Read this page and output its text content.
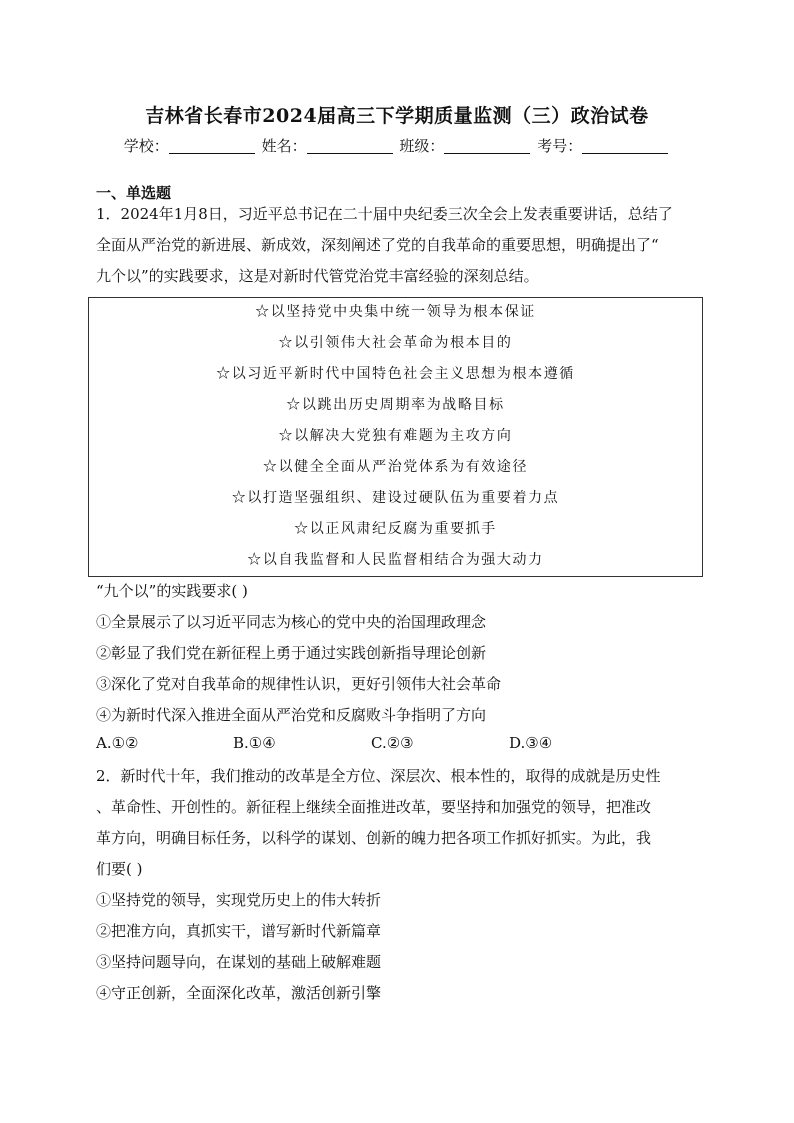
吉林省长春市2024届高三下学期质量监测（三）政治试卷
学校：	姓名：	班级：	考号：
一、单选题
1．2024年1月8日，习近平总书记在二十届中央纪委三次全会上发表重要讲话，总结了
全面从严治党的新进展、新成效，深刻阐述了党的自我革命的重要思想，明确提出了“
九个以”的实践要求，这是对新时代管党治党丰富经验的深刻总结。
☆以坚持党中央集中统一领导为根本保证
☆以引领伟大社会革命为根本目的
☆以习近平新时代中国特色社会主义思想为根本遵循
☆以跳出历史周期率为战略目标
☆以解决大党独有难题为主攻方向
☆以健全全面从严治党体系为有效途径
☆以打造坚强组织、建设过硬队伍为重要着力点
☆以正风肃纪反腐为重要抓手
☆以自我监督和人民监督相结合为强大动力
“九个以”的实践要求( )
①全景展示了以习近平同志为核心的党中央的治国理政理念
②彰显了我们党在新征程上勇于通过实践创新指导理论创新
③深化了党对自我革命的规律性认识，更好引领伟大社会革命
④为新时代深入推进全面从严治党和反腐败斗争指明了方向
A.①②	B.①④	C.②③	D.③④
2．新时代十年，我们推动的改革是全方位、深层次、根本性的，取得的成就是历史性
、革命性、开创性的。新征程上继续全面推进改革，要坚持和加强党的领导，把准改
革方向，明确目标任务，以科学的谋划、创新的魄力把各项工作抓好抓实。为此，我
们要( )
①坚持党的领导，实现党历史上的伟大转折
②把准方向，真抓实干，谱写新时代新篇章
③坚持问题导向，在谋划的基础上破解难题
④守正创新，全面深化改革，激活创新引擎
